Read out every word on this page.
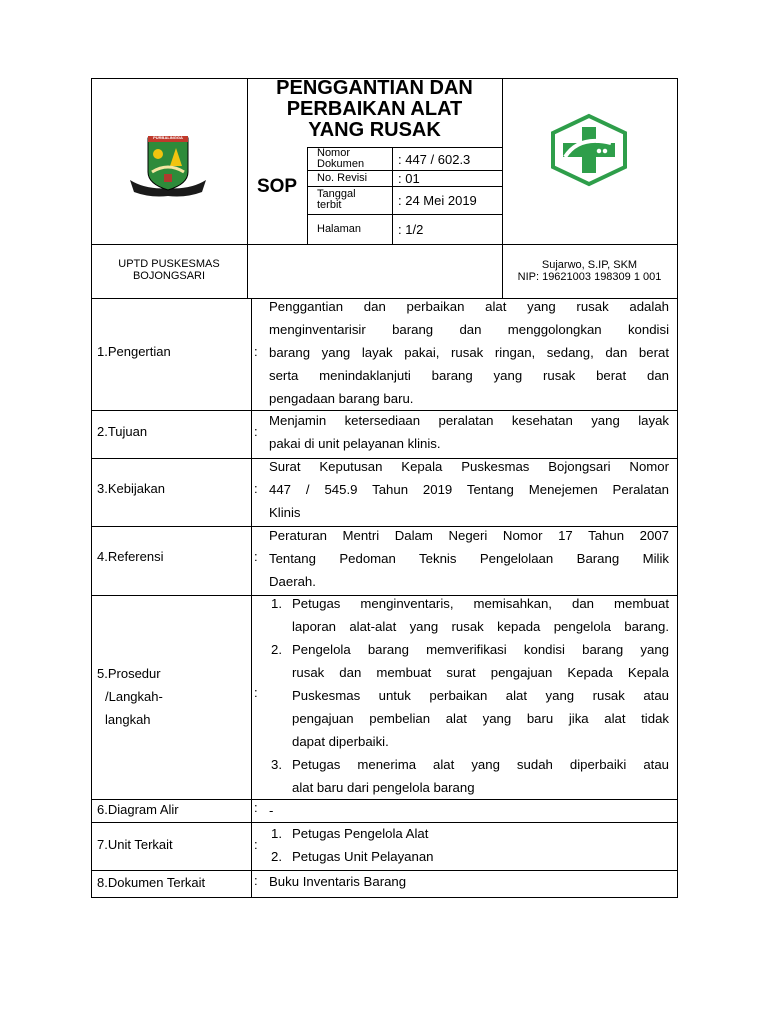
PURBALINGGA
PENGGANTIAN DAN
PERBAIKAN ALAT
YANG RUSAK
SOP
Nomor
Dokumen	: 447 / 602.3
No. Revisi : 01
Tanggal
terbit	: 24 Mei 2019
Halaman	: 1/2
UPTD PUSKESMAS
BOJONGSARI
Sujarwo, S.IP, SKM
NIP: 19621003 198309 1 001
1.Pengertian	:
Penggantian dan perbaikan alat yang rusak adalah
menginventarisir barang dan menggolongkan kondisi
barang yang layak pakai, rusak ringan, sedang, dan berat
serta menindaklanjuti barang yang rusak berat dan
pengadaan barang baru.
2.Tujuan	:
Menjamin ketersediaan peralatan kesehatan yang layak
pakai di unit pelayanan klinis.
3.Kebijakan	:
Surat Keputusan Kepala Puskesmas Bojongsari Nomor
447 / 545.9 Tahun 2019 Tentang Menejemen Peralatan
Klinis
4.Referensi	:
Peraturan Mentri Dalam Negeri Nomor 17 Tahun 2007
Tentang Pedoman Teknis Pengelolaan Barang Milik
Daerah.
5.Prosedur
/Langkah-
langkah
:
1. Petugas menginventaris, memisahkan, dan membuat
laporan alat-alat yang rusak kepada pengelola barang.
2. Pengelola barang memverifikasi kondisi barang yang
rusak dan membuat surat pengajuan Kepada Kepala
Puskesmas untuk perbaikan alat yang rusak atau
pengajuan pembelian alat yang baru jika alat tidak
dapat diperbaiki.
3. Petugas menerima alat yang sudah diperbaiki atau
alat baru dari pengelola barang
6.Diagram Alir	: -
7.Unit Terkait	:
1. Petugas Pengelola Alat
2. Petugas Unit Pelayanan
8.Dokumen Terkait	: Buku Inventaris Barang
